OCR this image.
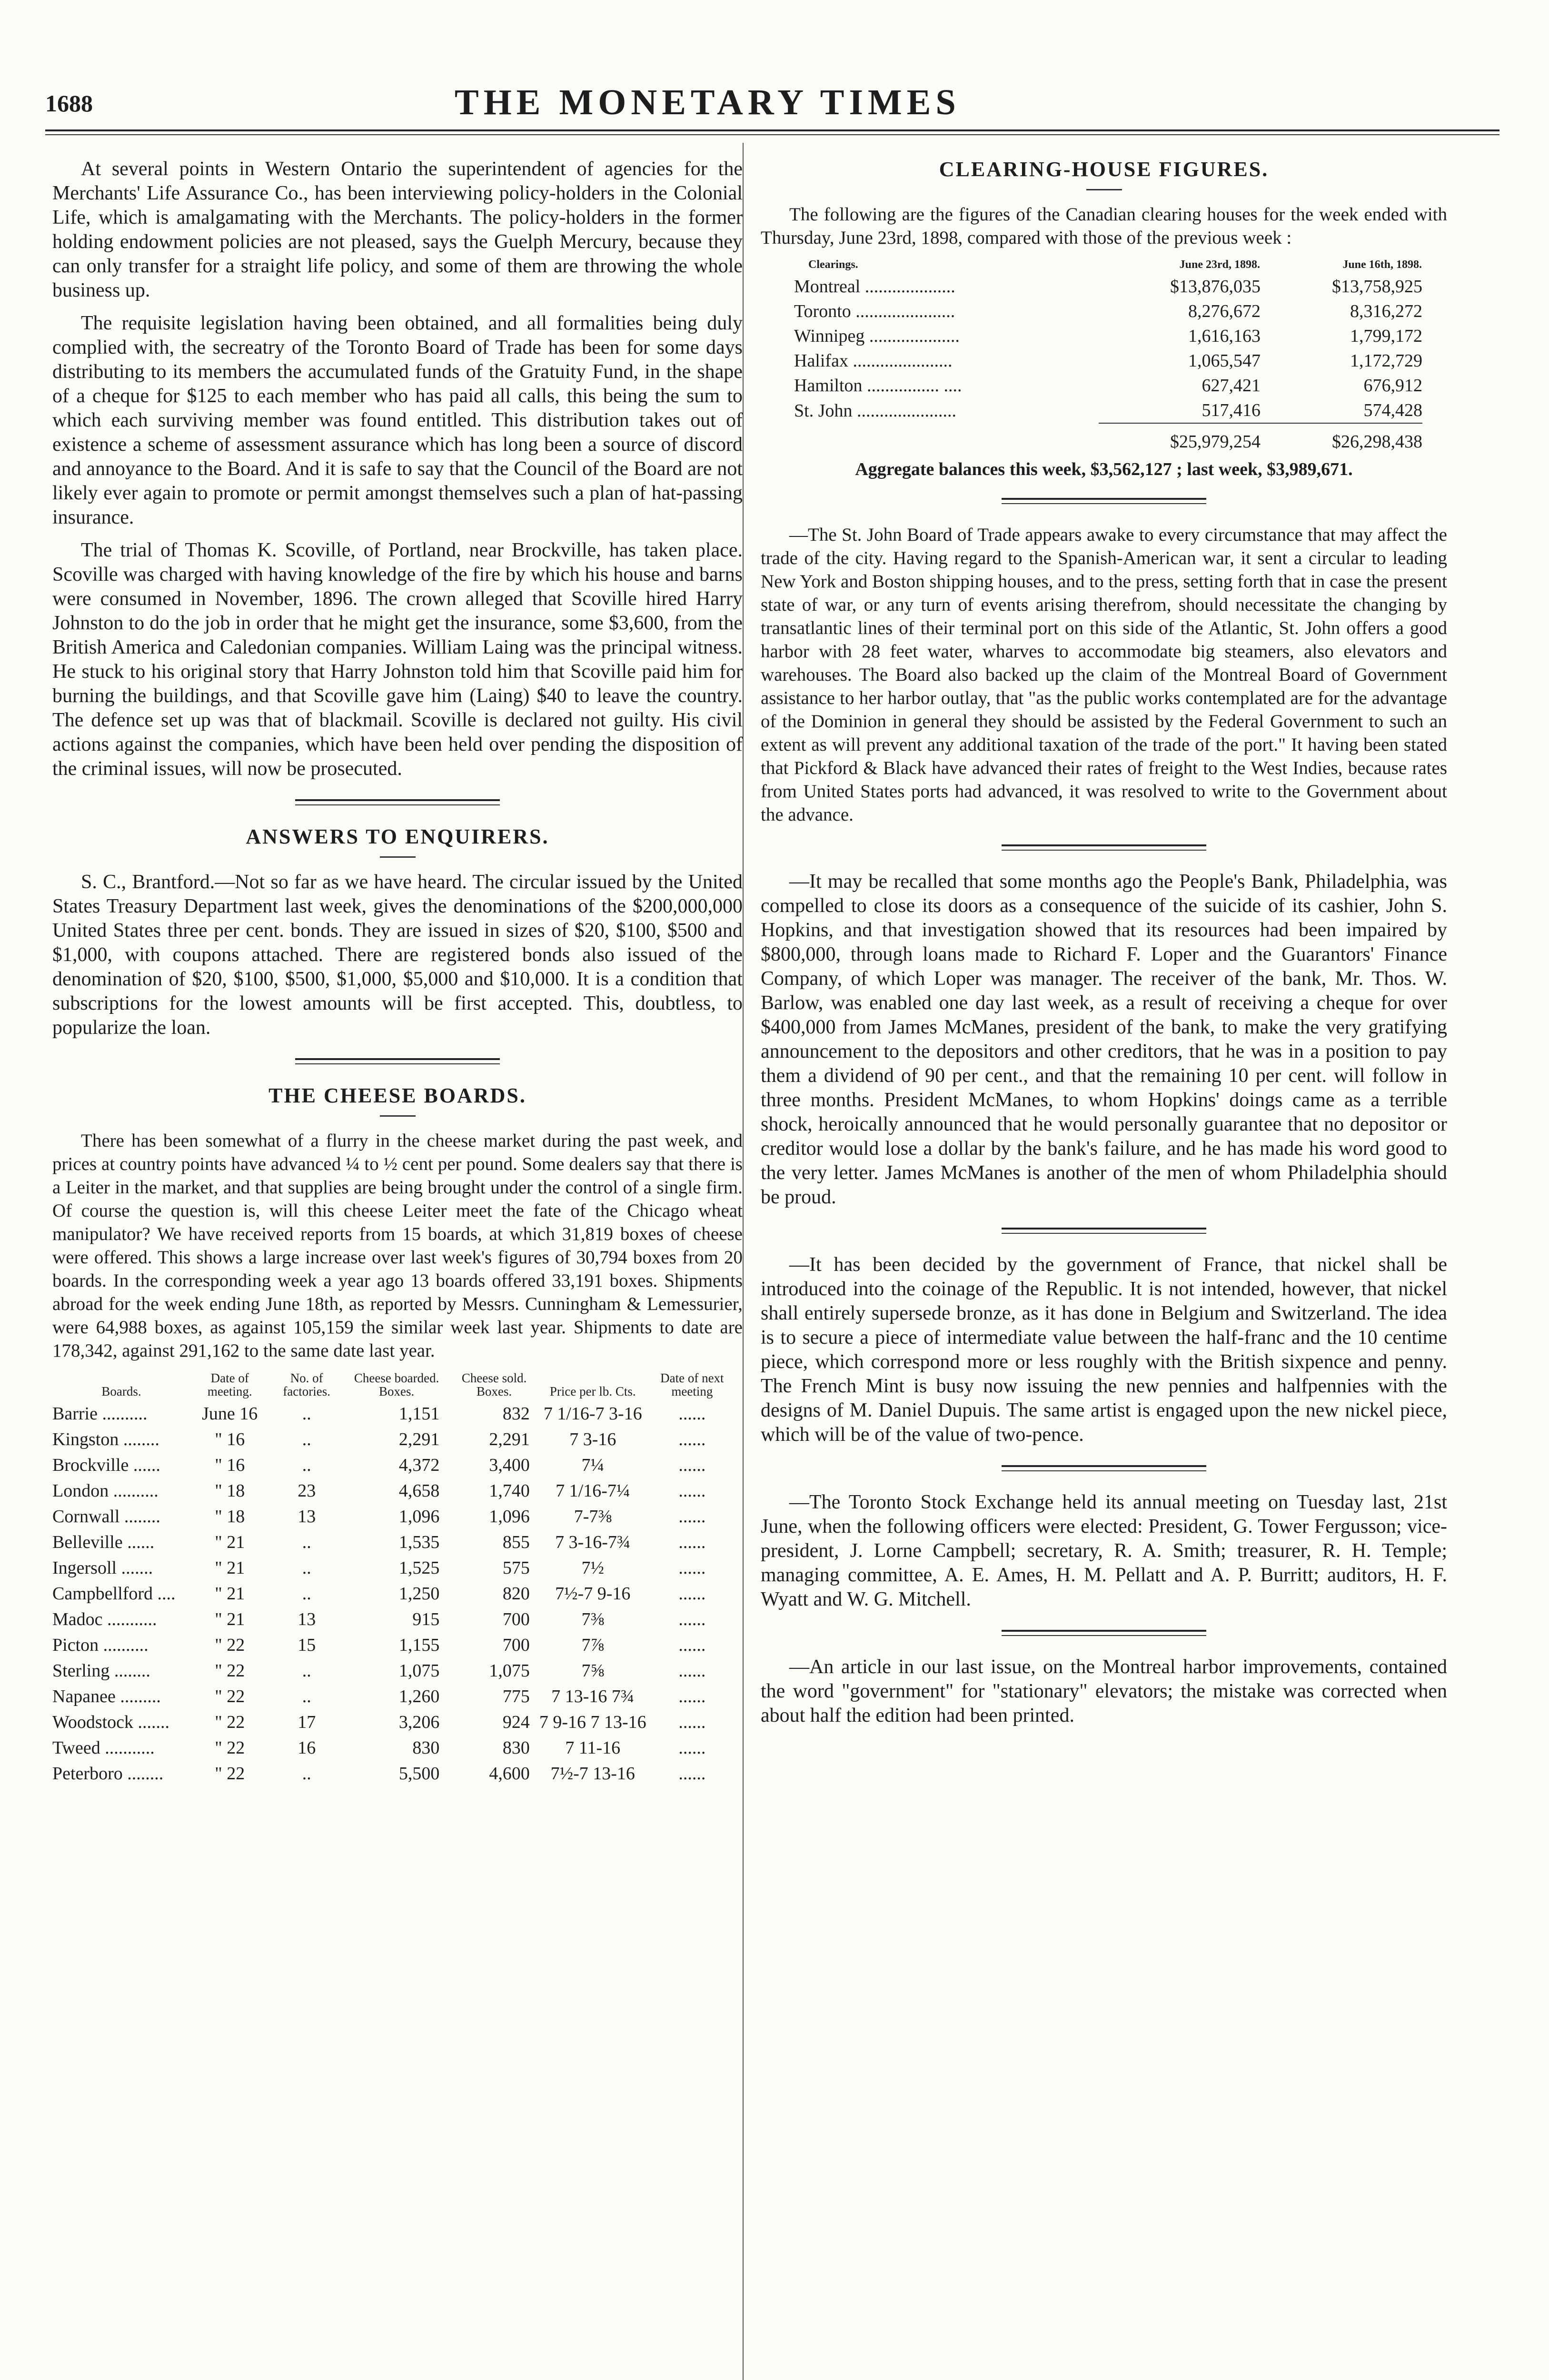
1688	THE MONETARY TIMES

At several points in Western Ontario the superintendent of agencies for the Merchants' Life Assurance Co., has been interviewing policy-holders in the Colonial Life, which is amalgamating with the Merchants. The policy-holders in the former holding endowment policies are not pleased, says the Guelph Mercury, because they can only transfer for a straight life policy, and some of them are throwing the whole business up.

The requisite legislation having been obtained, and all formalities being duly complied with, the secreatry of the Toronto Board of Trade has been for some days distributing to its members the accumulated funds of the Gratuity Fund, in the shape of a cheque for $125 to each member who has paid all calls, this being the sum to which each surviving member was found entitled. This distribution takes out of existence a scheme of assessment assurance which has long been a source of discord and annoyance to the Board. And it is safe to say that the Council of the Board are not likely ever again to promote or permit amongst themselves such a plan of hat-passing insurance.

The trial of Thomas K. Scoville, of Portland, near Brockville, has taken place. Scoville was charged with having knowledge of the fire by which his house and barns were consumed in November, 1896. The crown alleged that Scoville hired Harry Johnston to do the job in order that he might get the insurance, some $3,600, from the British America and Caledonian companies. William Laing was the principal witness. He stuck to his original story that Harry Johnston told him that Scoville paid him for burning the buildings, and that Scoville gave him (Laing) $40 to leave the country. The defence set up was that of blackmail. Scoville is declared not guilty. His civil actions against the companies, which have been held over pending the disposition of the criminal issues, will now be prosecuted.

ANSWERS TO ENQUIRERS.

S. C., Brantford.—Not so far as we have heard. The circular issued by the United States Treasury Department last week, gives the denominations of the $200,000,000 United States three per cent. bonds. They are issued in sizes of $20, $100, $500 and $1,000, with coupons attached. There are registered bonds also issued of the denomination of $20, $100, $500, $1,000, $5,000 and $10,000. It is a condition that subscriptions for the lowest amounts will be first accepted. This, doubtless, to popularize the loan.

THE CHEESE BOARDS.

There has been somewhat of a flurry in the cheese market during the past week, and prices at country points have advanced ¼ to ½ cent per pound. Some dealers say that there is a Leiter in the market, and that supplies are being brought under the control of a single firm. Of course the question is, will this cheese Leiter meet the fate of the Chicago wheat manipulator? We have received reports from 15 boards, at which 31,819 boxes of cheese were offered. This shows a large increase over last week's figures of 30,794 boxes from 20 boards. In the corresponding week a year ago 13 boards offered 33,191 boxes. Shipments abroad for the week ending June 18th, as reported by Messrs. Cunningham & Lemessurier, were 64,988 boxes, as against 105,159 the similar week last year. Shipments to date are 178,342, against 291,162 to the same date last year.

Boards.	Date of meeting.	No. of factories.	Cheese boarded. Boxes.	Cheese sold. Boxes.	Price per lb. Cts.	Date of next meeting
Barrie ..........	June 16	..	1,151	832	7 1/16-7 3-16	......
Kingston ........	" 16	..	2,291	2,291	7 3-16	......
Brockville ......	" 16	..	4,372	3,400	7¼	......
London ..........	" 18	23	4,658	1,740	7 1/16-7¼	......
Cornwall ........	" 18	13	1,096	1,096	7-7⅜	......
Belleville ......	" 21	..	1,535	855	7 3-16-7¾	......
Ingersoll .......	" 21	..	1,525	575	7½	......
Campbellford ....	" 21	..	1,250	820	7½-7 9-16	......
Madoc ...........	" 21	13	915	700	7⅜	......
Picton ..........	" 22	15	1,155	700	7⅞	......
Sterling ........	" 22	..	1,075	1,075	7⅝	......
Napanee .........	" 22	..	1,260	775	7 13-16 7¾	......
Woodstock .......	" 22	17	3,206	924	7 9-16 7 13-16	......
Tweed ...........	" 22	16	830	830	7 11-16	......
Peterboro ........	" 22	..	5,500	4,600	7½-7 13-16	......
CLEARING-HOUSE FIGURES.

The following are the figures of the Canadian clearing houses for the week ended with Thursday, June 23rd, 1898, compared with those of the previous week :

Clearings.	June 23rd, 1898.	June 16th, 1898.
Montreal ....................	$13,876,035	$13,758,925
Toronto ......................	8,276,672	8,316,272
Winnipeg ....................	1,616,163	1,799,172
Halifax ......................	1,065,547	1,172,729
Hamilton ................ ....	627,421	676,912
St. John ......................	517,416	574,428
	$25,979,254	$26,298,438
Aggregate balances this week, $3,562,127 ; last week, $3,989,671.

—The St. John Board of Trade appears awake to every circumstance that may affect the trade of the city. Having regard to the Spanish-American war, it sent a circular to leading New York and Boston shipping houses, and to the press, setting forth that in case the present state of war, or any turn of events arising therefrom, should necessitate the changing by transatlantic lines of their terminal port on this side of the Atlantic, St. John offers a good harbor with 28 feet water, wharves to accommodate big steamers, also elevators and warehouses. The Board also backed up the claim of the Montreal Board of Government assistance to her harbor outlay, that "as the public works contemplated are for the advantage of the Dominion in general they should be assisted by the Federal Government to such an extent as will prevent any additional taxation of the trade of the port." It having been stated that Pickford & Black have advanced their rates of freight to the West Indies, because rates from United States ports had advanced, it was resolved to write to the Government about the advance.

—It may be recalled that some months ago the People's Bank, Philadelphia, was compelled to close its doors as a consequence of the suicide of its cashier, John S. Hopkins, and that investigation showed that its resources had been impaired by $800,000, through loans made to Richard F. Loper and the Guarantors' Finance Company, of which Loper was manager. The receiver of the bank, Mr. Thos. W. Barlow, was enabled one day last week, as a result of receiving a cheque for over $400,000 from James McManes, president of the bank, to make the very gratifying announcement to the depositors and other creditors, that he was in a position to pay them a dividend of 90 per cent., and that the remaining 10 per cent. will follow in three months. President McManes, to whom Hopkins' doings came as a terrible shock, heroically announced that he would personally guarantee that no depositor or creditor would lose a dollar by the bank's failure, and he has made his word good to the very letter. James McManes is another of the men of whom Philadelphia should be proud.

—It has been decided by the government of France, that nickel shall be introduced into the coinage of the Republic. It is not intended, however, that nickel shall entirely supersede bronze, as it has done in Belgium and Switzerland. The idea is to secure a piece of intermediate value between the half-franc and the 10 centime piece, which correspond more or less roughly with the British sixpence and penny. The French Mint is busy now issuing the new pennies and halfpennies with the designs of M. Daniel Dupuis. The same artist is engaged upon the new nickel piece, which will be of the value of two-pence.

—The Toronto Stock Exchange held its annual meeting on Tuesday last, 21st June, when the following officers were elected: President, G. Tower Fergusson; vice-president, J. Lorne Campbell; secretary, R. A. Smith; treasurer, R. H. Temple; managing committee, A. E. Ames, H. M. Pellatt and A. P. Burritt; auditors, H. F. Wyatt and W. G. Mitchell.

—An article in our last issue, on the Montreal harbor improvements, contained the word "government" for "stationary" elevators; the mistake was corrected when about half the edition had been printed.
